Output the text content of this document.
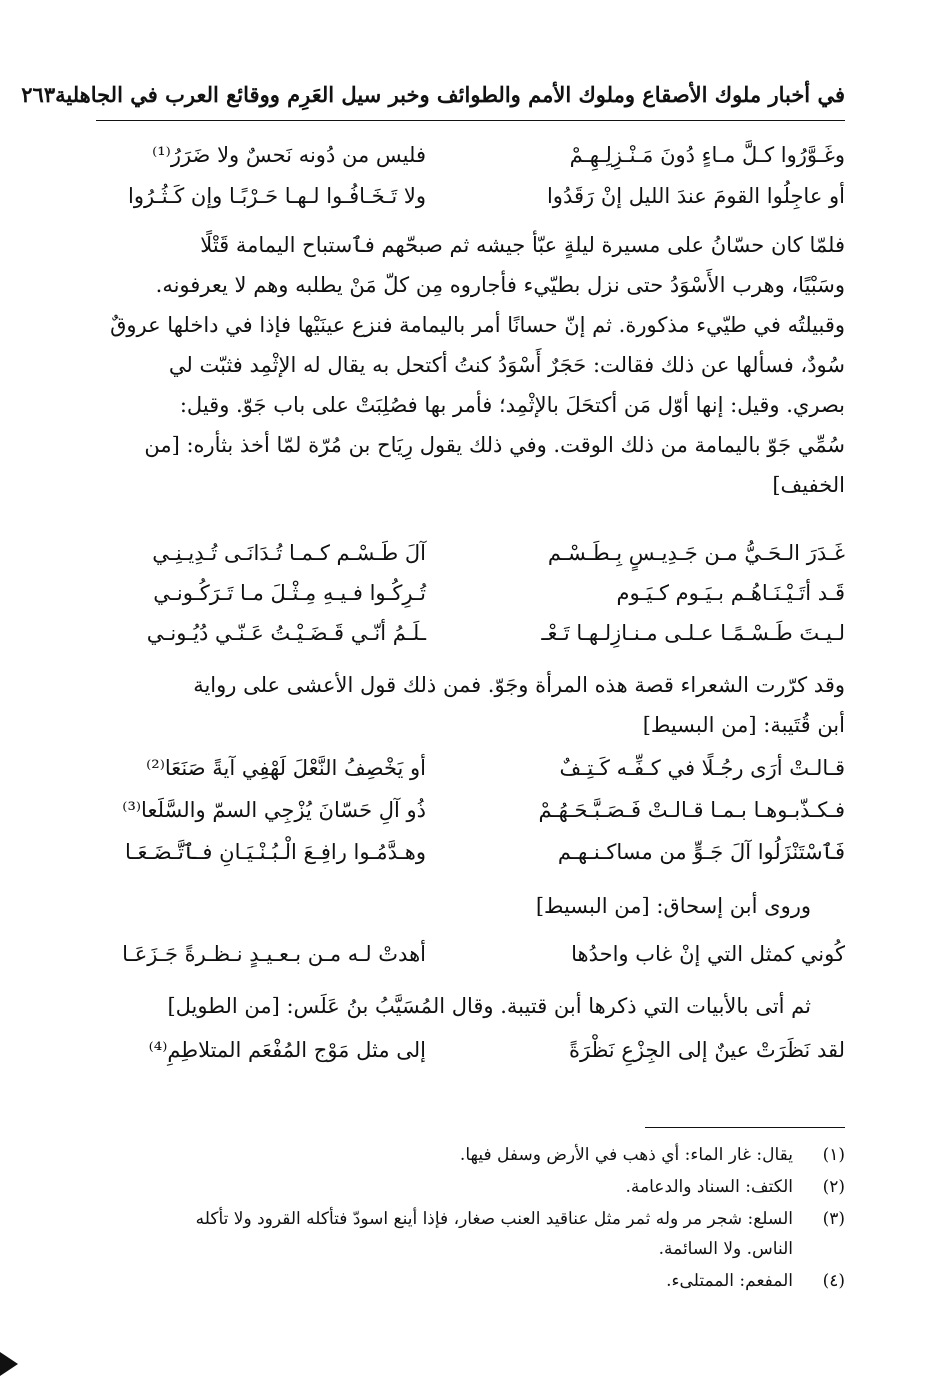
في أخبار ملوك الأصقاع وملوك الأمم والطوائف وخبر سيل العَرِم ووقائع العرب في الجاهلية
٢٦٣
وغَـوَّرُوا كـلَّ مـاءٍ دُونَ مَـنْـزِلِـهِـمْ
فليس من دُونه نَحسٌ ولا ضَرَرُ⁽¹⁾
أو عاجِلُوا القومَ عندَ الليل إنْ رَقَدُوا
ولا تَـخَـافُـوا لـهـا حَـرْبًـا وإن كَـثُـرُوا
فلمّا كان حسّانُ على مسيرة ليلةٍ عبّأ جيشه ثم صبحّهم فٱستباح اليمامة قَتْلًا
وسَبْيًا، وهرب الأَسْوَدُ حتى نزل بطيّيء فأجاروه مِن كلّ مَنْ يطلبه وهم لا يعرفونه.
وقبيلتُه في طيّيء مذكورة. ثم إنّ حسانًا أمر باليمامة فنزع عينَيْها فإذا في داخلها عروقٌ
سُودٌ، فسألها عن ذلك فقالت: حَجَرٌ أَسْوَدُ كنتُ أكتحل به يقال له الإثْمِد فثبّت لي
بصري. وقيل: إنها أوّل مَن أكتحَلَ بالإثْمِد؛ فأمر بها فصُلِبَتْ على باب جَوّ. وقيل:
سُمِّي جَوّ باليمامة من ذلك الوقت. وفي ذلك يقول رِيَاح بن مُرّة لمّا أخذ بثأره: [من
الخفيف]
غَـدَرَ الـحَـيُّ مـن جَـدِيـسٍ بِـطَـسْـم
آلَ طَـسْـم كـمـا تُـدَانَـى تُـدِيـنِـي
قَـد أتَـيْـنَـاهُـم بـيَـوم كـيَـوم
تُـرِكُـوا فـيـهِ مِـثْـلَ مـا تَـرَكُـونـي
لـيـتَ طَـسْـمًـا عـلـى مـنـازِلـهـا تَـعْـ
ـلَـمُ أنّـي قَـضَـيْـتُ عَـنّـي دُيُـونـي
وقد كرّرت الشعراء قصة هذه المرأة وجَوّ. فمن ذلك قول الأعشى على رواية
أبن قُتَيبة: [من البسيط]
قـالـتْ أرَى رجُـلًا في كـفِّـه كَـتِـفٌ
أو يَخْصِفُ النَّعْلَ لَهْفِي آيةً صَنَعَا⁽²⁾
فـكـذّبـوهـا بـمـا قـالـتْ فَـصَـبَّـحَـهُـمْ
ذُو آلِ حَسّانَ يُزْجِي السمّ والسَّلَعا⁽³⁾
فَٱسْتَنْزَلُوا آلَ جَـوٍّ من مساكـنـهـم
وهـدَّمُـوا رافِـعَ الْـبُـنْـيَـانِ فـٱتَّـضَـعَـا
وروى أبن إسحاق: [من البسيط]
كُوني كمثل التي إنْ غاب واحدُها
أهدتْ لـه مـن بـعـيـدٍ نـظـرةً جَـزَعَـا
ثم أتى بالأبيات التي ذكرها أبن قتيبة. وقال المُسَيَّبُ بنُ عَلَس: [من الطويل]
لقد نَظَرَتْ عينٌ إلى الجِزْعِ نَظْرَةً
إلى مثل مَوْج المُفْعَم المتلاطِمِ⁽⁴⁾
(١)يقال: غار الماء: أي ذهب في الأرض وسفل فيها.
(٢)الكتف: السناد والدعامة.
(٣)السلع: شجر مر وله ثمر مثل عناقيد العنب صغار، فإذا أينع اسودّ فتأكله القرود ولا تأكله
الناس. ولا السائمة.
(٤)المفعم: الممتلىء.
